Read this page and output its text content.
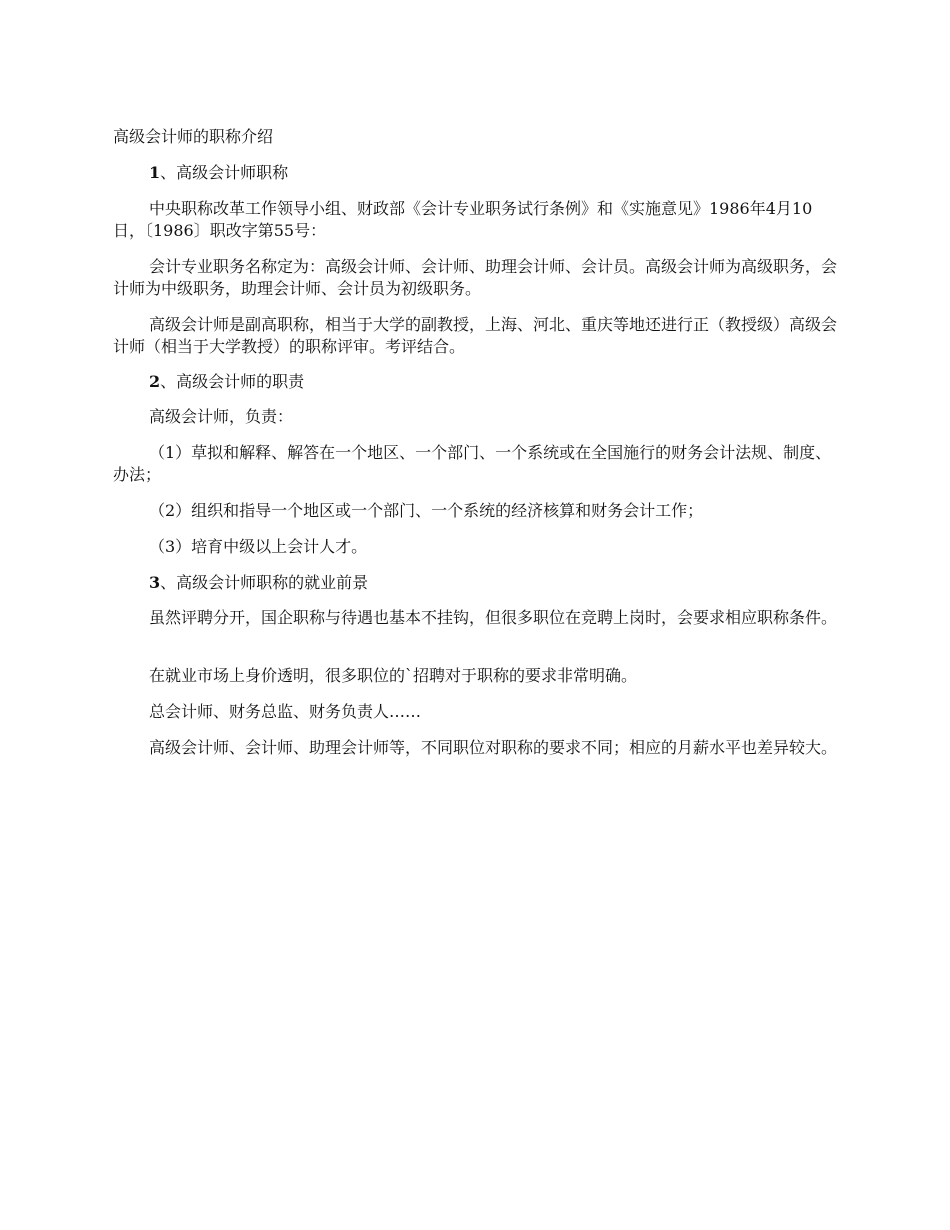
高级会计师的职称介绍
1、高级会计师职称

中央职称改革工作领导小组、财政部《会计专业职务试行条例》和《实施意见》1986年4月10日，〔1986〕职改字第55号：

会计专业职务名称定为：高级会计师、会计师、助理会计师、会计员。高级会计师为高级职务，会计师为中级职务，助理会计师、会计员为初级职务。

高级会计师是副高职称，相当于大学的副教授，上海、河北、重庆等地还进行正（教授级）高级会计师（相当于大学教授）的职称评审。考评结合。

2、高级会计师的职责

高级会计师，负责：

（1）草拟和解释、解答在一个地区、一个部门、一个系统或在全国施行的财务会计法规、制度、办法；

（2）组织和指导一个地区或一个部门、一个系统的经济核算和财务会计工作；

（3）培育中级以上会计人才。

3、高级会计师职称的就业前景

虽然评聘分开，国企职称与待遇也基本不挂钩，但很多职位在竞聘上岗时，会要求相应职称条件。

在就业市场上身价透明，很多职位的`招聘对于职称的要求非常明确。

总会计师、财务总监、财务负责人……

高级会计师、会计师、助理会计师等，不同职位对职称的要求不同；相应的月薪水平也差异较大。
